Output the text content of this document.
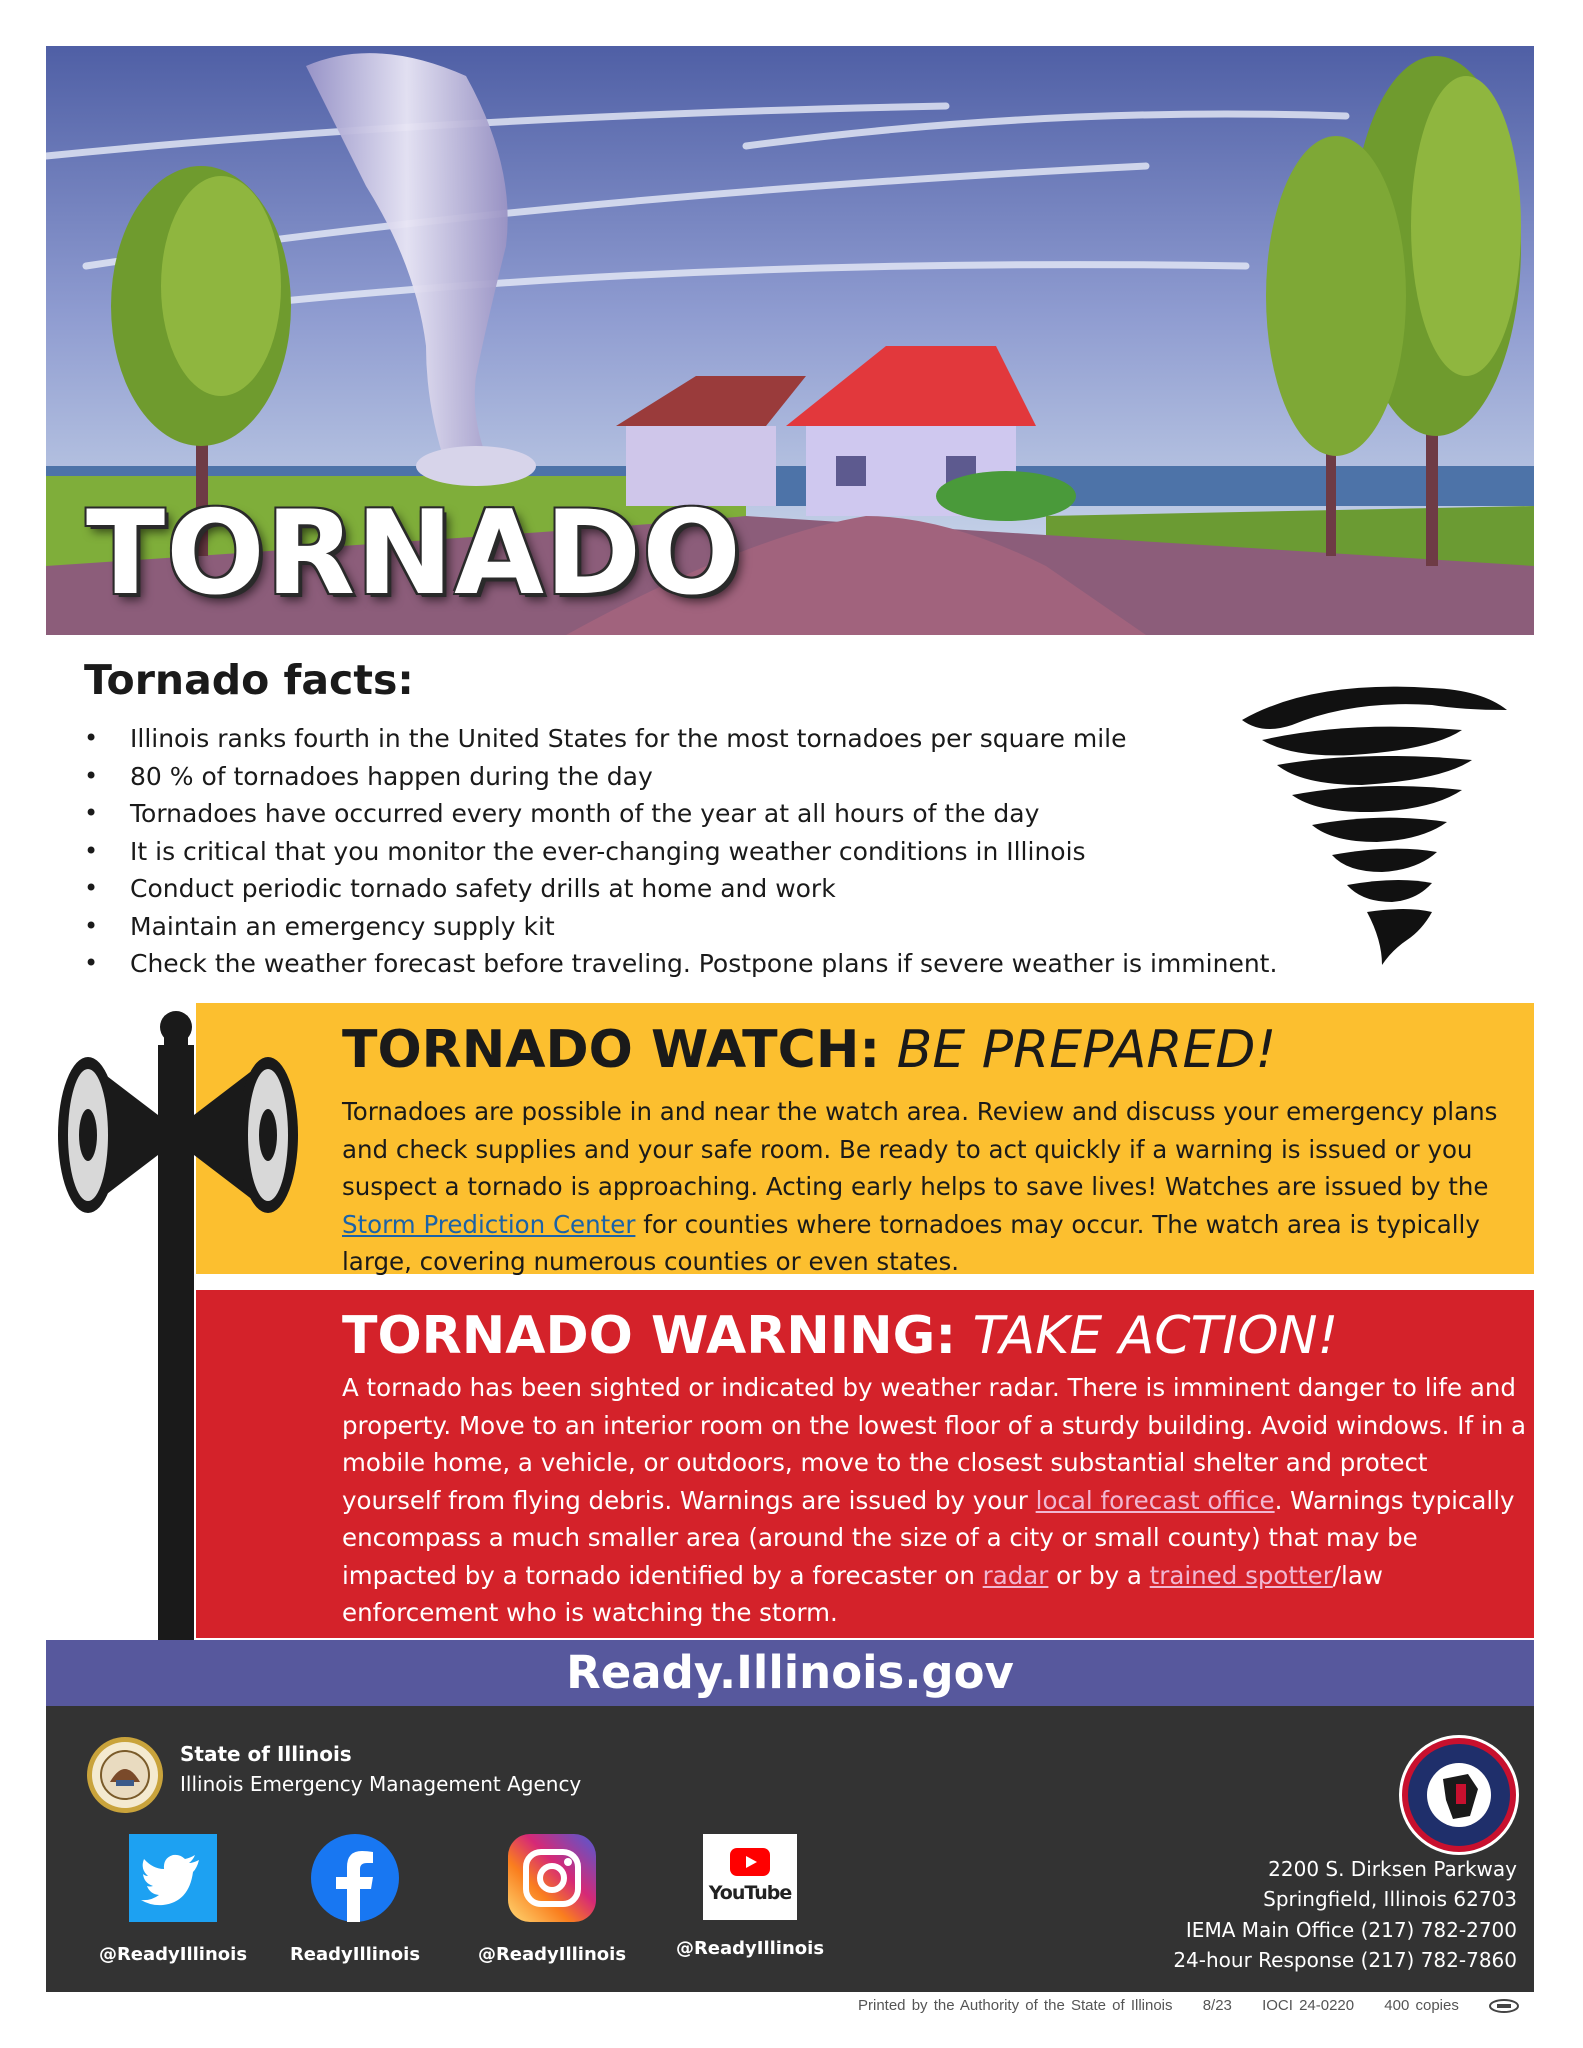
TORNADO
Tornado facts:
• Illinois ranks fourth in the United States for the most tornadoes per square mile
• 80 % of tornadoes happen during the day
• Tornadoes have occurred every month of the year at all hours of the day
• It is critical that you monitor the ever-changing weather conditions in Illinois
• Conduct periodic tornado safety drills at home and work
• Maintain an emergency supply kit
• Check the weather forecast before traveling. Postpone plans if severe weather is imminent.
TORNADO WATCH: BE PREPARED!
Tornadoes are possible in and near the watch area. Review and discuss your emergency plans and check supplies and your safe room. Be ready to act quickly if a warning is issued or you suspect a tornado is approaching. Acting early helps to save lives! Watches are issued by the Storm Prediction Center for counties where tornadoes may occur. The watch area is typically large, covering numerous counties or even states.
TORNADO WARNING: TAKE ACTION!
A tornado has been sighted or indicated by weather radar. There is imminent danger to life and property. Move to an interior room on the lowest floor of a sturdy building. Avoid windows. If in a mobile home, a vehicle, or outdoors, move to the closest substantial shelter and protect yourself from flying debris. Warnings are issued by your local forecast office. Warnings typically encompass a much smaller area (around the size of a city or small county) that may be impacted by a tornado identified by a forecaster on radar or by a trained spotter/law enforcement who is watching the storm.
Ready.Illinois.gov
State of Illinois
Illinois Emergency Management Agency
@ReadyIllinois	ReadyIllinois	@ReadyIllinois
YouTube
@ReadyIllinois
2200 S. Dirksen Parkway
Springfield, Illinois 62703
IEMA Main Office (217) 782-2700
24-hour Response (217) 782-7860
Printed by the Authority of the State of Illinois 8/23 IOCI 24-0220 400 copies
